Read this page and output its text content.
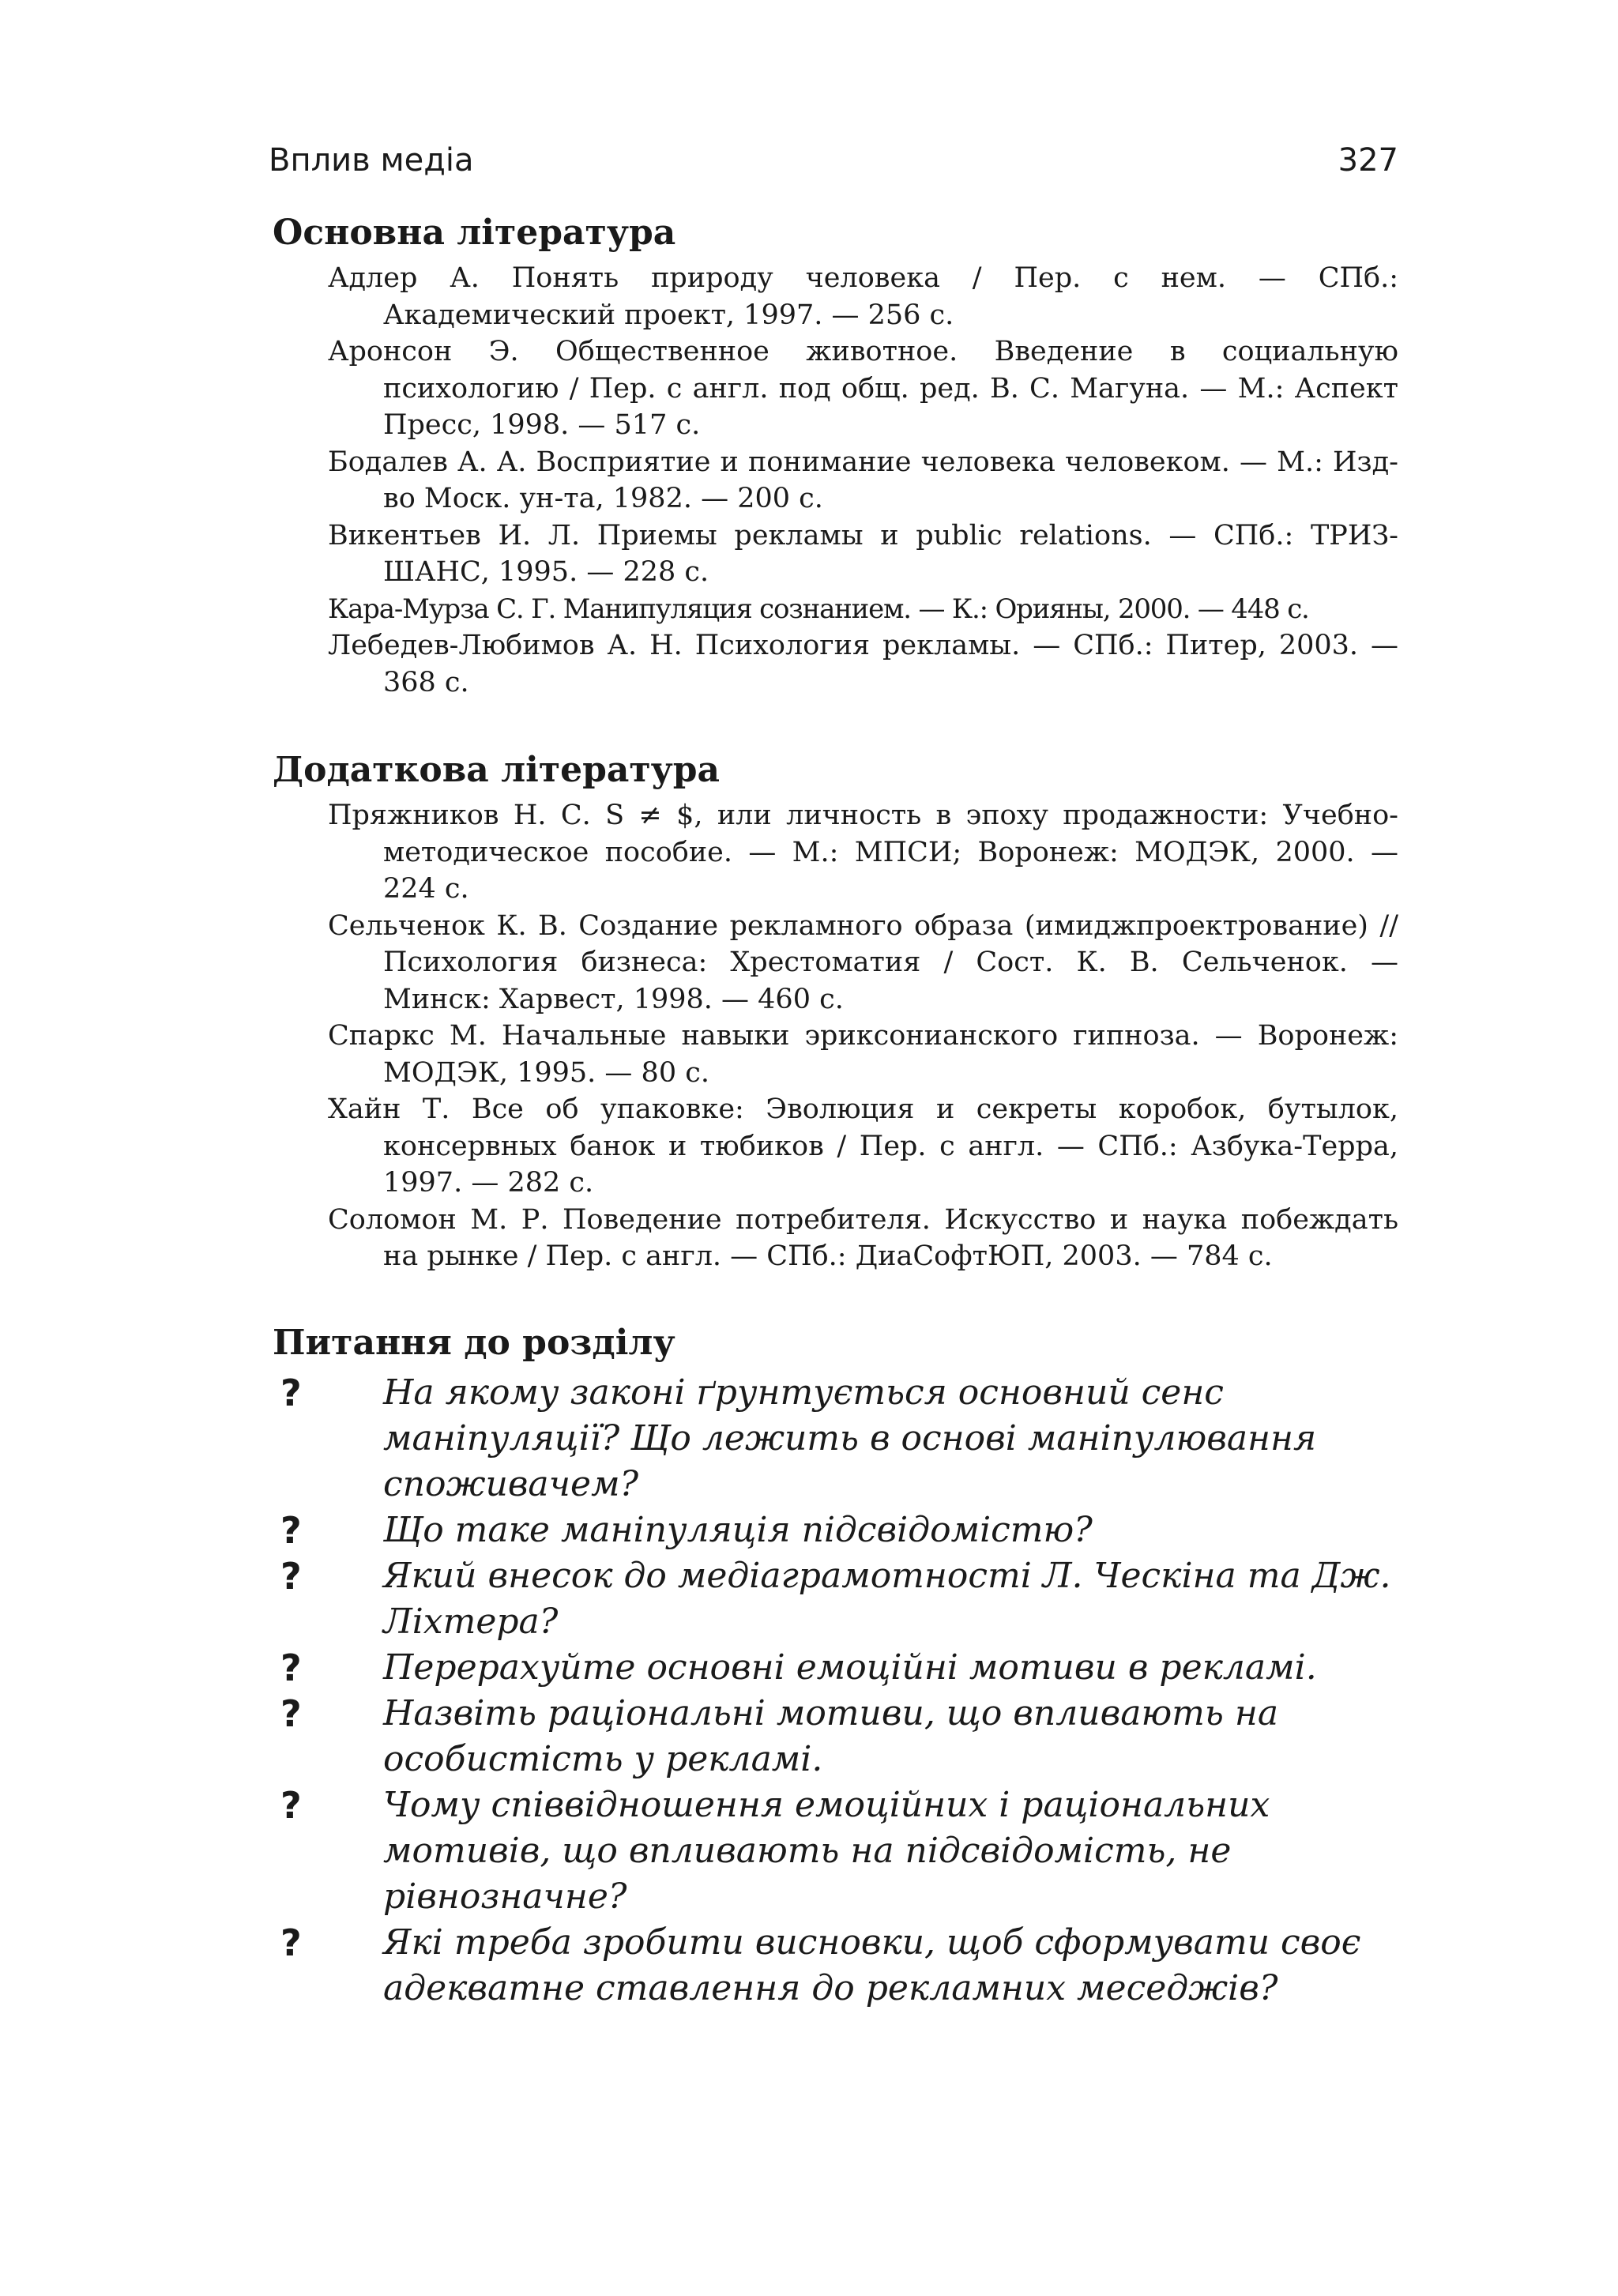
Вплив медіа	327
Основна література
Адлер А. Понять природу человека / Пер. с нем. — СПб.: Академический проект, 1997. — 256 с.
Аронсон Э. Общественное животное. Введение в социальную психологию / Пер. с англ. под общ. ред. В. С. Магуна. — М.: Аспект Пресс, 1998. — 517 с.
Бодалев А. А. Восприятие и понимание человека человеком. — М.: Изд-во Моск. ун-та, 1982. — 200 с.
Викентьев И. Л. Приемы рекламы и public relations. — СПб.: ТРИЗ-ШАНС, 1995. — 228 с.
Кара-Мурза С. Г. Манипуляция сознанием. — К.: Орияны, 2000. — 448 с.
Лебедев-Любимов А. Н. Психология рекламы. — СПб.: Питер, 2003. — 368 с.
Додаткова література
Пряжников Н. С. S ≠ $, или личность в эпоху продажности: Учебно-методическое пособие. — М.: МПСИ; Воронеж: МОДЭК, 2000. — 224 с.
Сельченок К. В. Создание рекламного образа (имиджпроектрование) // Психология бизнеса: Хрестоматия / Сост. К. В. Сельченок. — Минск: Харвест, 1998. — 460 с.
Спаркс М. Начальные навыки эриксонианского гипноза. — Воронеж: МОДЭК, 1995. — 80 с.
Хайн Т. Все об упаковке: Эволюция и секреты коробок, бутылок, консервных банок и тюбиков / Пер. с англ. — СПб.: Азбука-Терра, 1997. — 282 с.
Соломон М. Р. Поведение потребителя. Искусство и наука побеждать на рынке / Пер. с англ. — СПб.: ДиаСофтЮП, 2003. — 784 с.
Питання до розділу
? На якому законі ґрунтується основний сенс маніпуляції? Що лежить в основі маніпулювання споживачем?
? Що таке маніпуляція підсвідомістю?
? Який внесок до медіаграмотності Л. Ческіна та Дж. Ліхтера?
? Перерахуйте основні емоційні мотиви в рекламі.
? Назвіть раціональні мотиви, що впливають на особистість у рекламі.
? Чому співвідношення емоційних і раціональних мотивів, що впливають на підсвідомість, не рівнозначне?
? Які треба зробити висновки, щоб сформувати своє адекватне ставлення до рекламних меседжів?
